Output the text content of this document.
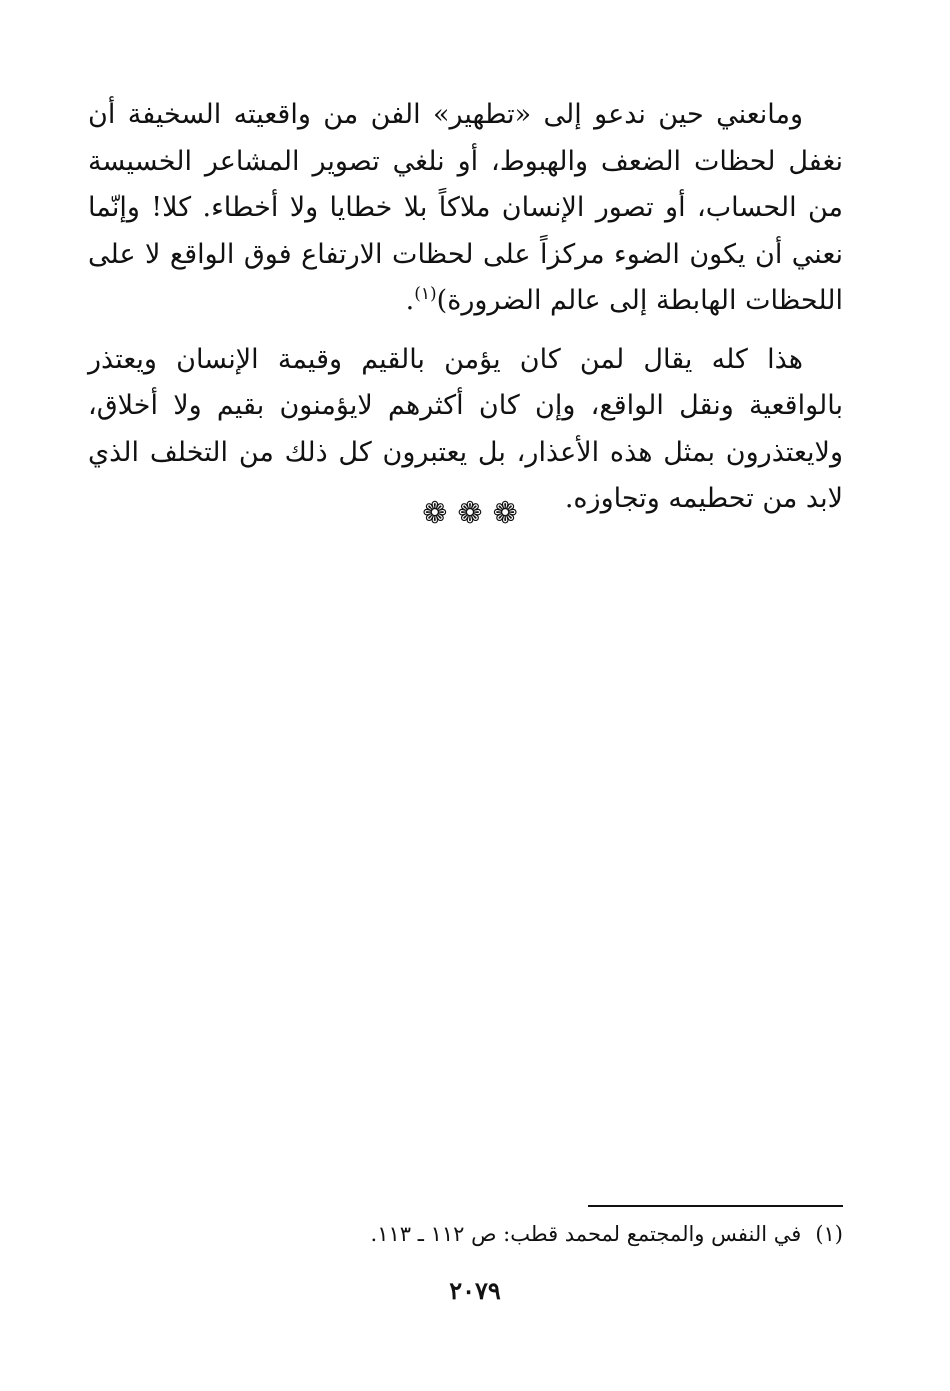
ومانعني حين ندعو إلى «تطهير» الفن من واقعيته السخيفة أن نغفل لحظات الضعف والهبوط، أو نلغي تصوير المشاعر الخسيسة من الحساب، أو تصور الإنسان ملاكاً بلا خطايا ولا أخطاء. كلا! وإنّما نعني أن يكون الضوء مركزاً على لحظات الارتفاع فوق الواقع لا على اللحظات الهابطة إلى عالم الضرورة)$^{(١)}$.

هذا كله يقال لمن كان يؤمن بالقيم وقيمة الإنسان ويعتذر بالواقعية ونقل الواقع، وإن كان أكثرهم لايؤمنون بقيم ولا أخلاق، ولايعتذرون بمثل هذه الأعذار، بل يعتبرون كل ذلك من التخلف الذي لابد من تحطيمه وتجاوزه.

❁❁❁
(١)في النفس والمجتمع لمحمد قطب: ص ١١٢ ـ ١١٣.
٢٠٧٩
